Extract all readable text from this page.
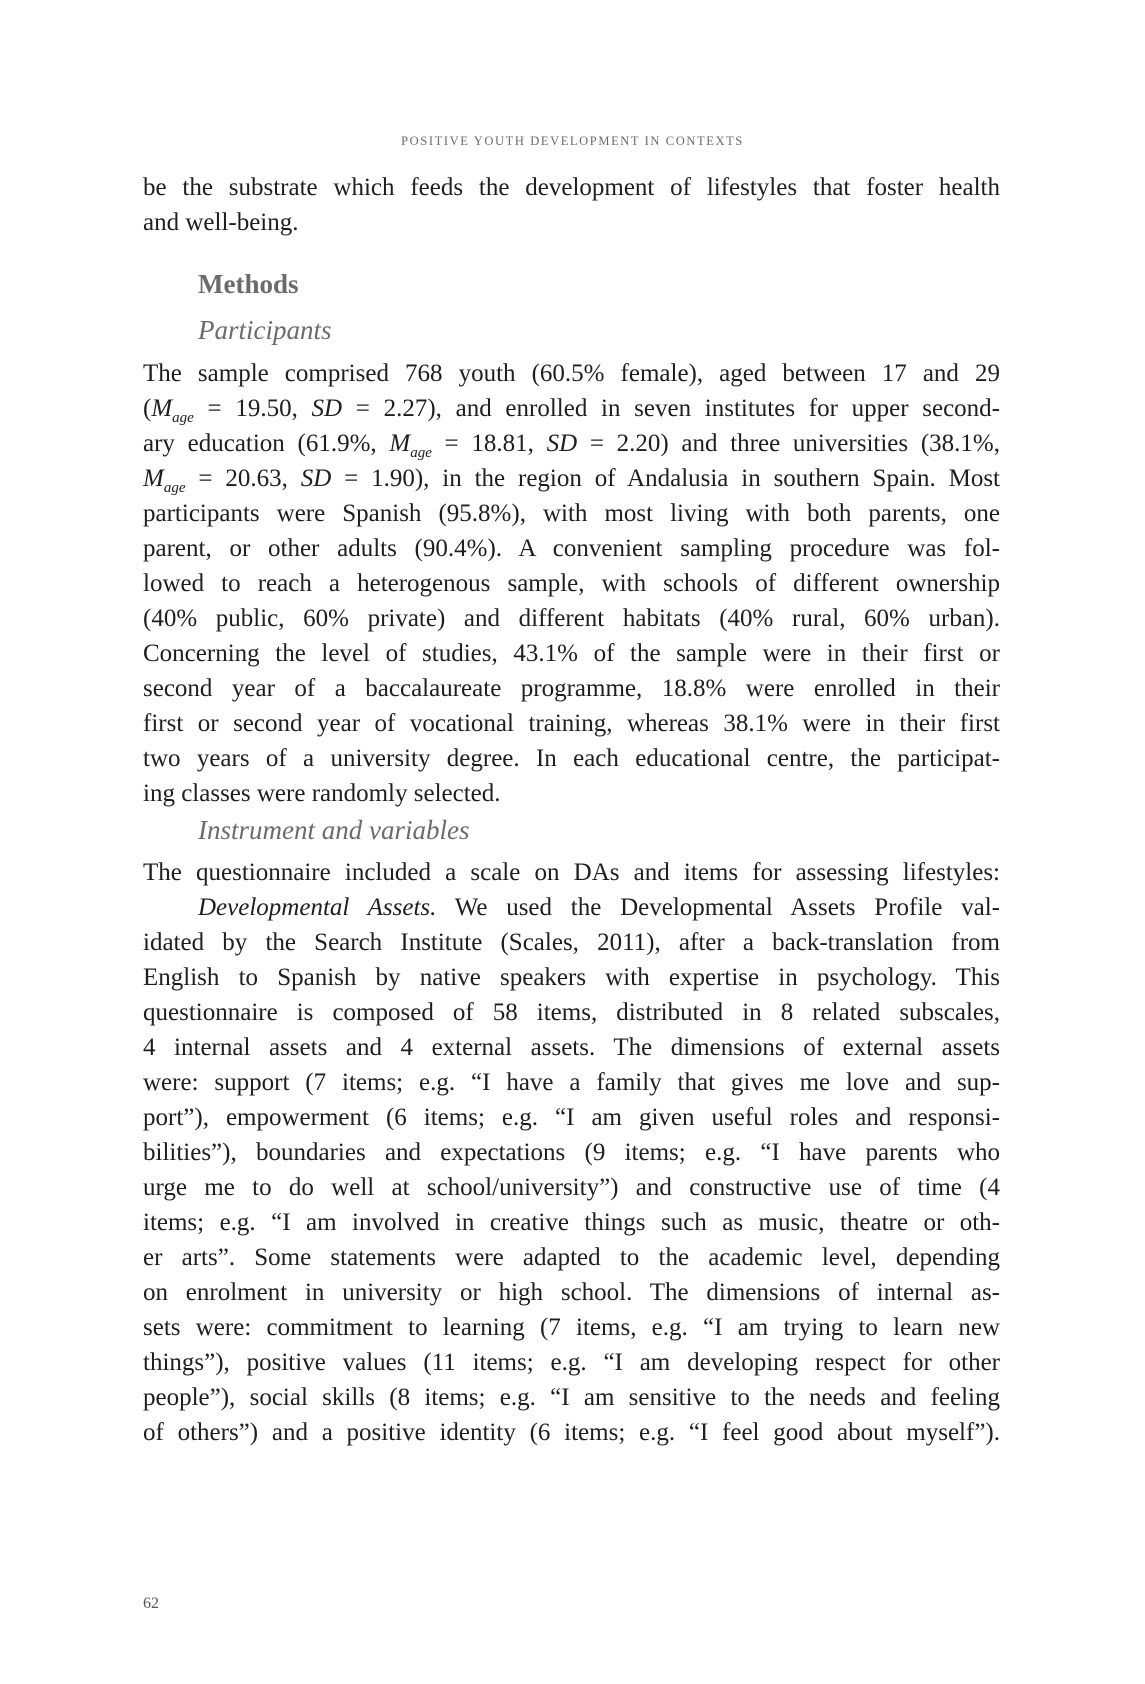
POSITIVE YOUTH DEVELOPMENT IN CONTEXTS
be the substrate which feeds the development of lifestyles that foster health
and well-being.
Methods
Participants
The sample comprised 768 youth (60.5% female), aged between 17 and 29
($M_{age} = 19.50$, SD = 2.27), and enrolled in seven institutes for upper second-
ary education (61.9%, $M_{age} = 18.81$, SD = 2.20) and three universities (38.1%,
$M_{age} = 20.63$, SD = 1.90), in the region of Andalusia in southern Spain. Most
participants were Spanish (95.8%), with most living with both parents, one
parent, or other adults (90.4%). A convenient sampling procedure was fol-
lowed to reach a heterogenous sample, with schools of different ownership
(40% public, 60% private) and different habitats (40% rural, 60% urban).
Concerning the level of studies, 43.1% of the sample were in their first or
second year of a baccalaureate programme, 18.8% were enrolled in their
first or second year of vocational training, whereas 38.1% were in their first
two years of a university degree. In each educational centre, the participat-
ing classes were randomly selected.
Instrument and variables
The questionnaire included a scale on DAs and items for assessing lifestyles:
Developmental Assets. We used the Developmental Assets Profile val-
idated by the Search Institute (Scales, 2011), after a back-translation from
English to Spanish by native speakers with expertise in psychology. This
questionnaire is composed of 58 items, distributed in 8 related subscales,
4 internal assets and 4 external assets. The dimensions of external assets
were: support (7 items; e.g. “I have a family that gives me love and sup-
port”), empowerment (6 items; e.g. “I am given useful roles and responsi-
bilities”), boundaries and expectations (9 items; e.g. “I have parents who
urge me to do well at school/university”) and constructive use of time (4
items; e.g. “I am involved in creative things such as music, theatre or oth-
er arts”. Some statements were adapted to the academic level, depending
on enrolment in university or high school. The dimensions of internal as-
sets were: commitment to learning (7 items, e.g. “I am trying to learn new
things”), positive values (11 items; e.g. “I am developing respect for other
people”), social skills (8 items; e.g. “I am sensitive to the needs and feeling
of others”) and a positive identity (6 items; e.g. “I feel good about myself”).
62
